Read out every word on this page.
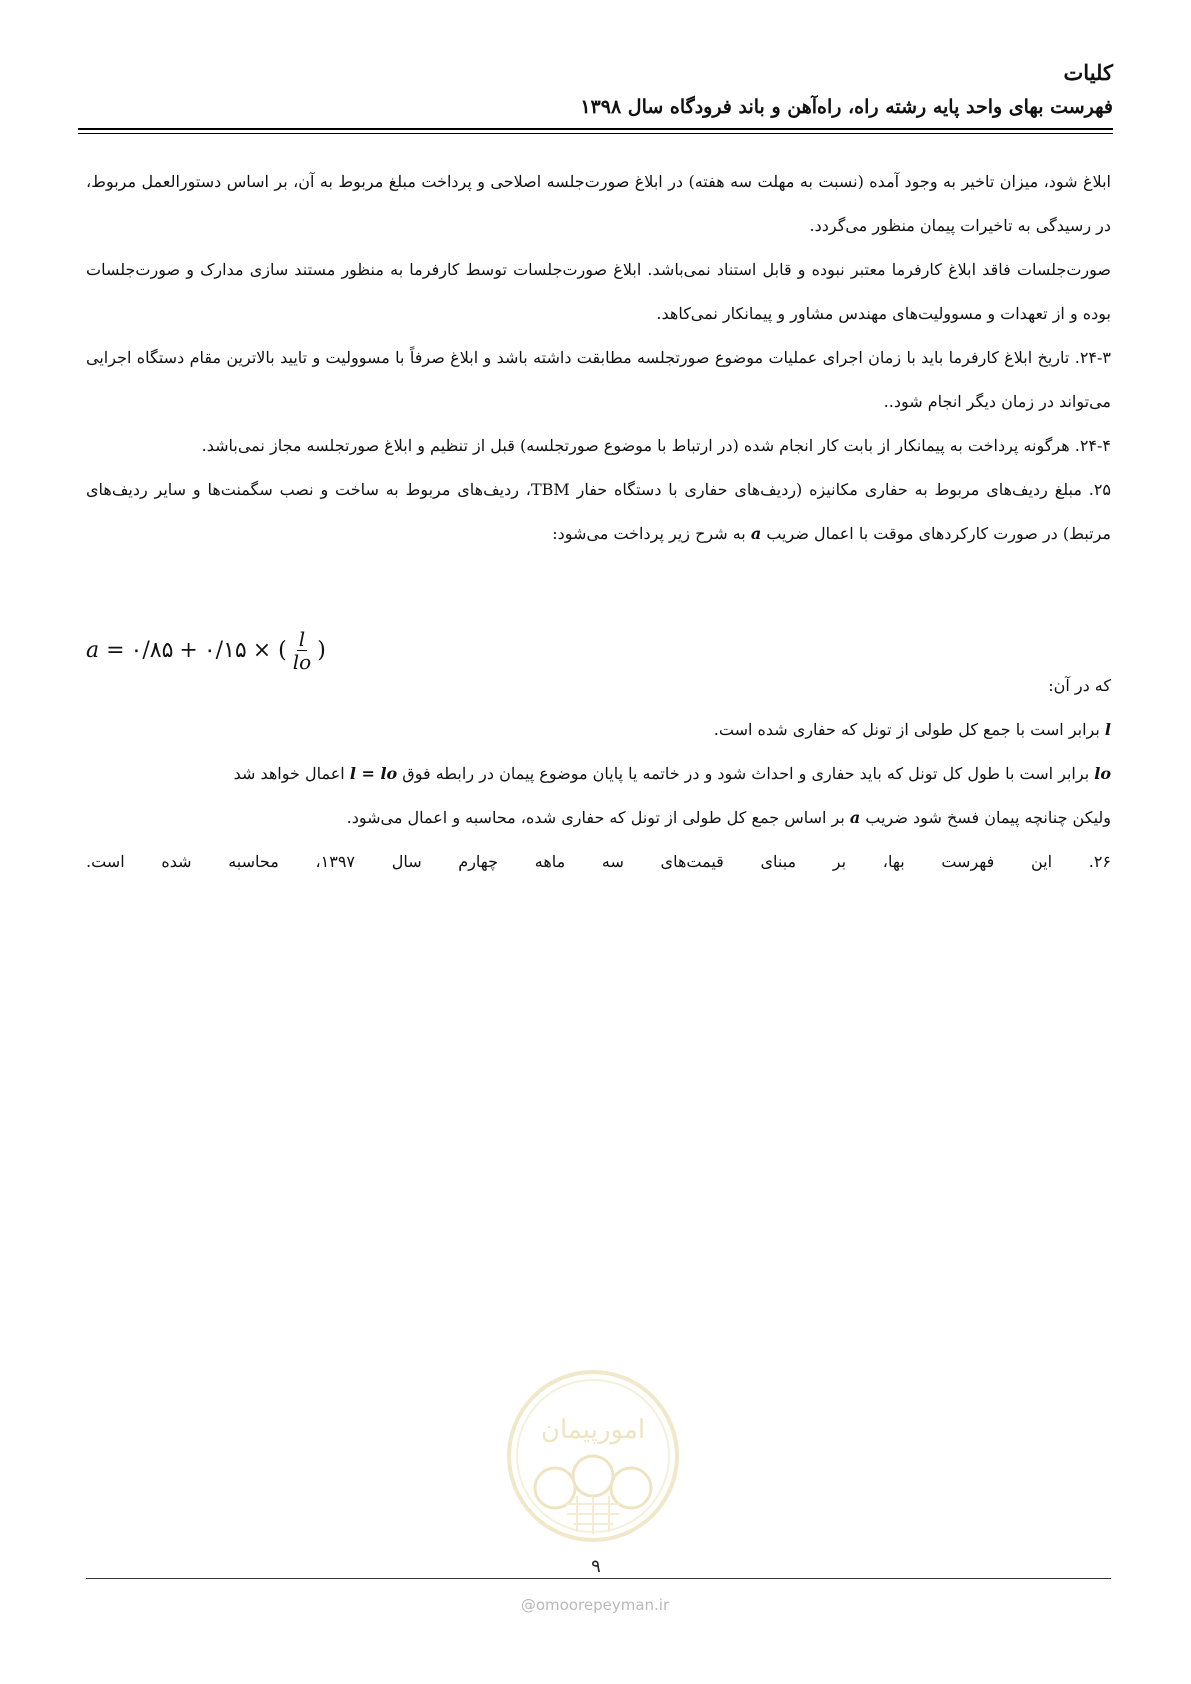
کلیات
فهرست بهای واحد پایه رشته راه، راه‌آهن و باند فرودگاه سال ۱۳۹۸

ابلاغ شود، میزان تاخیر به وجود آمده (نسبت به مهلت سه هفته) در ابلاغ صورت‌جلسه اصلاحی و پرداخت مبلغ مربوط به آن، بر اساس دستورالعمل مربوط، در رسیدگی به تاخیرات پیمان منظور می‌گردد.

صورت‌جلسات فاقد ابلاغ کارفرما معتبر نبوده و قابل استناد نمی‌باشد. ابلاغ صورت‌جلسات توسط کارفرما به منظور مستند سازی مدارک و صورت‌جلسات بوده و از تعهدات و مسوولیت‌های مهندس مشاور و پیمانکار نمی‌کاهد.

۲۴-۳. تاریخ ابلاغ کارفرما باید با زمان اجرای عملیات موضوع صورتجلسه مطابقت داشته باشد و ابلاغ صرفاً با مسوولیت و تایید بالاترین مقام دستگاه اجرایی می‌تواند در زمان دیگر انجام شود..

۲۴-۴. هرگونه پرداخت به پیمانکار از بابت کار انجام شده (در ارتباط با موضوع صورتجلسه) قبل از تنظیم و ابلاغ صورتجلسه مجاز نمی‌باشد.

۲۵. مبلغ ردیف‌های مربوط به حفاری مکانیزه (ردیف‌های حفاری با دستگاه حفار TBM، ردیف‌های مربوط به ساخت و نصب سگمنت‌ها و سایر ردیف‌های مرتبط) در صورت کارکردهای موقت با اعمال ضریب a به شرح زیر پرداخت می‌شود:

که در آن:

l برابر است با جمع کل طولی از تونل که حفاری شده است.

lo برابر است با طول کل تونل که باید حفاری و احداث شود و در خاتمه یا پایان موضوع پیمان در رابطه فوق l = lo اعمال خواهد شد

ولیکن چنانچه پیمان فسخ شود ضریب a بر اساس جمع کل طولی از تونل که حفاری شده، محاسبه و اعمال می‌شود.

۲۶. این فهرست بها، بر مبنای قیمت‌های سه ماهه چهارم سال ۱۳۹۷، محاسبه شده است.

a = ۰/۸۵ + ۰/۱۵ × ( $\frac{l}{lo}$ )
امورپیمان
۹
@omoorepeyman.ir
